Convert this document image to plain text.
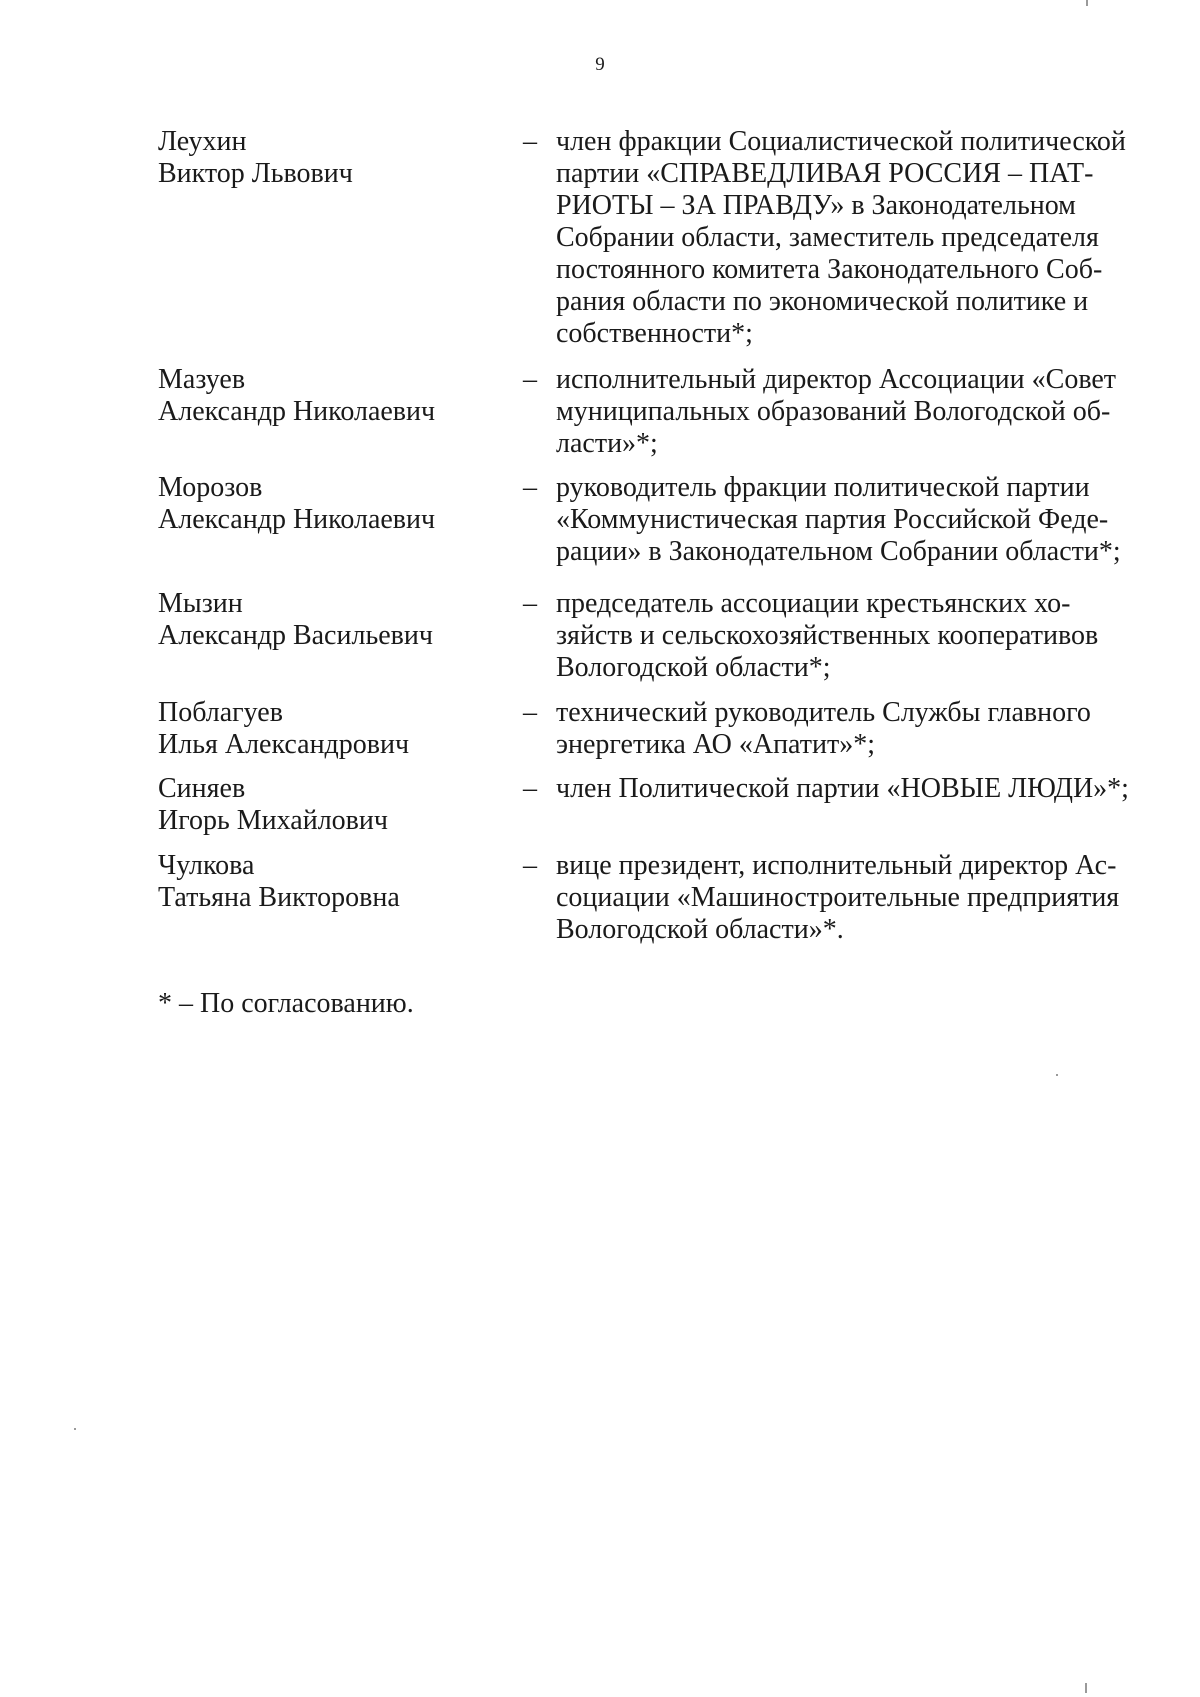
9
Леухин
Виктор Львович
– член фракции Социалистической политической
партии «СПРАВЕДЛИВАЯ РОССИЯ – ПАТ-
РИОТЫ – ЗА ПРАВДУ» в Законодательном
Собрании области, заместитель председателя
постоянного комитета Законодательного Соб-
рания области по экономической политике и
собственности*;
Мазуев
Александр Николаевич
– исполнительный директор Ассоциации «Совет
муниципальных образований Вологодской об-
ласти»*;
Морозов
Александр Николаевич
– руководитель фракции политической партии
«Коммунистическая партия Российской Феде-
рации» в Законодательном Собрании области*;
Мызин
Александр Васильевич
– председатель ассоциации крестьянских хо-
зяйств и сельскохозяйственных кооперативов
Вологодской области*;
Поблагуев
Илья Александрович
– технический руководитель Службы главного
энергетика АО «Апатит»*;
Синяев
Игорь Михайлович
– член Политической партии «НОВЫЕ ЛЮДИ»*;
Чулкова
Татьяна Викторовна
– вице президент, исполнительный директор Ас-
социации «Машиностроительные предприятия
Вологодской области»*.
* – По согласованию.
